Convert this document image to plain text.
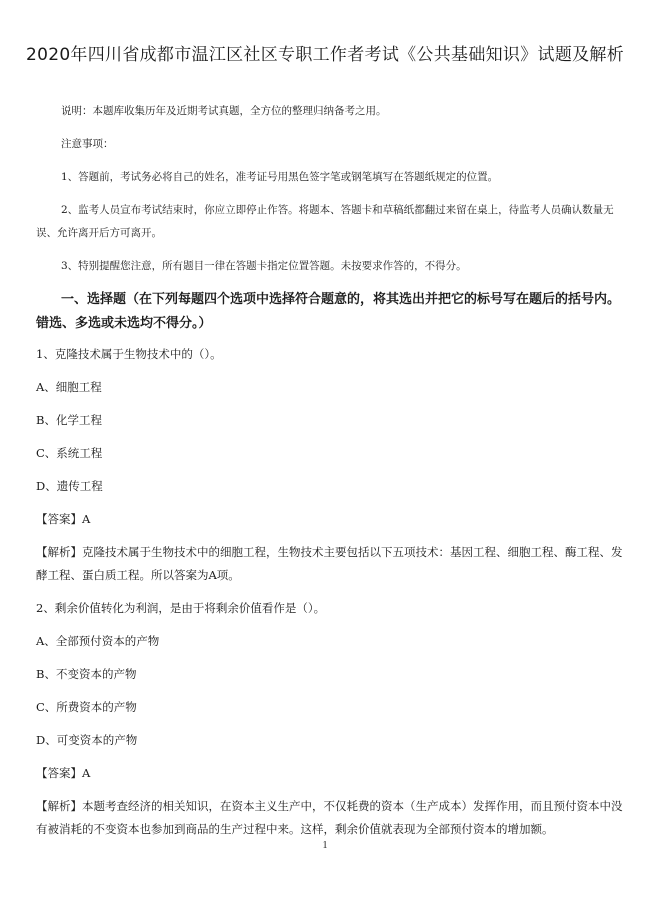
2020年四川省成都市温江区社区专职工作者考试《公共基础知识》试题及解析

说明：本题库收集历年及近期考试真题，全方位的整理归纳备考之用。

注意事项：

1、答题前，考试务必将自己的姓名，准考证号用黑色签字笔或钢笔填写在答题纸规定的位置。

2、监考人员宣布考试结束时，你应立即停止作答。将题本、答题卡和草稿纸都翻过来留在桌上，待监考人员确认数量无误、允许离开后方可离开。

3、特别提醒您注意，所有题目一律在答题卡指定位置答题。未按要求作答的，不得分。

一、选择题（在下列每题四个选项中选择符合题意的，将其选出并把它的标号写在题后的括号内。错选、多选或未选均不得分。）

1、克隆技术属于生物技术中的（）。

A、细胞工程

B、化学工程

C、系统工程

D、遗传工程

【答案】A

【解析】克隆技术属于生物技术中的细胞工程，生物技术主要包括以下五项技术：基因工程、细胞工程、酶工程、发酵工程、蛋白质工程。所以答案为A项。

2、剩余价值转化为利润，是由于将剩余价值看作是（）。

A、全部预付资本的产物

B、不变资本的产物

C、所费资本的产物

D、可变资本的产物

【答案】A

【解析】本题考查经济的相关知识，在资本主义生产中，不仅耗费的资本（生产成本）发挥作用，而且预付资本中没有被消耗的不变资本也参加到商品的生产过程中来。这样，剩余价值就表现为全部预付资本的增加额。

1
